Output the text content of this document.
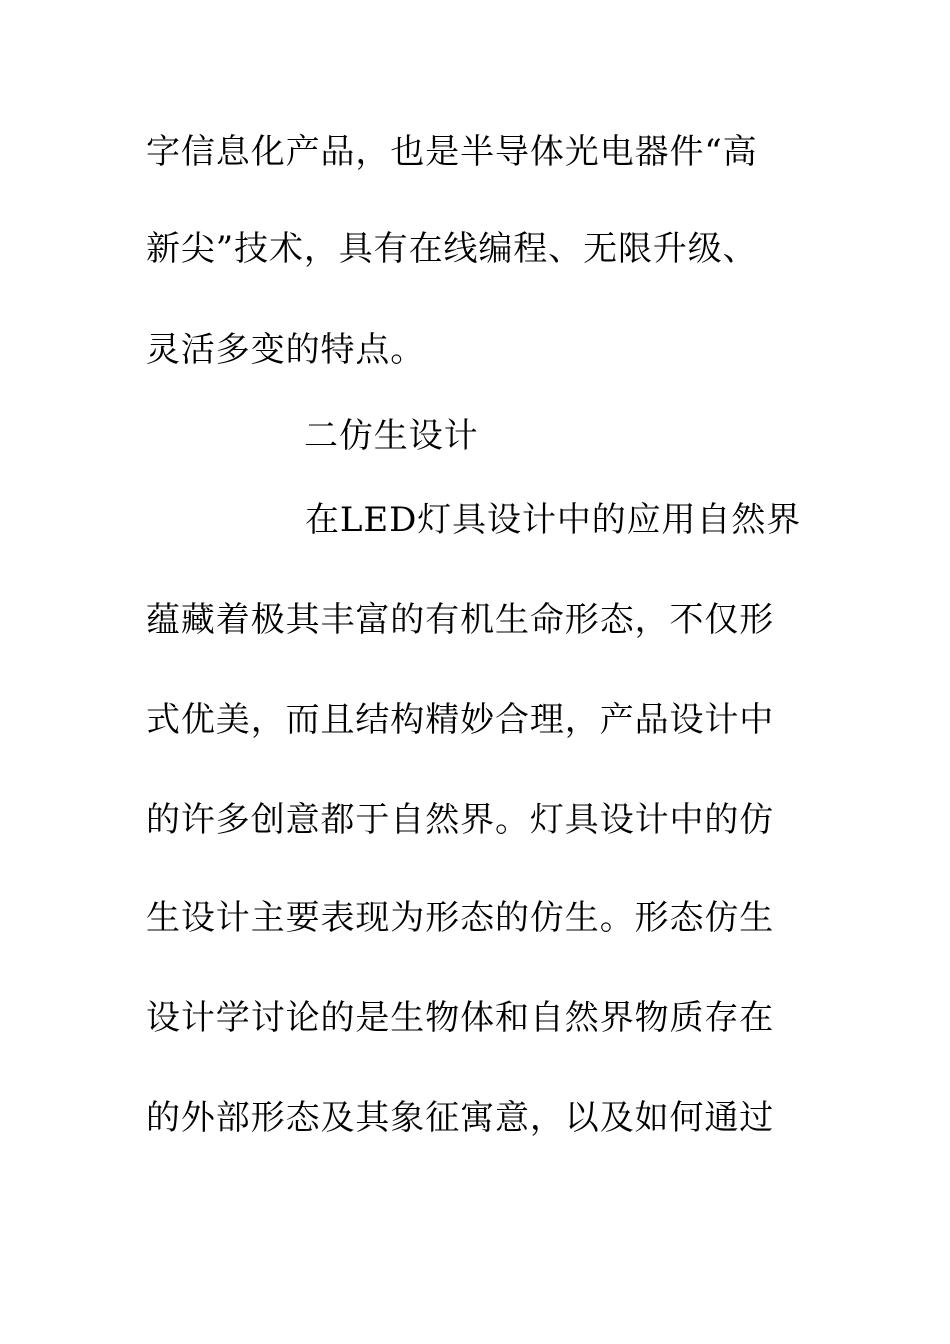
字信息化产品，也是半导体光电器件“高
新尖”技术，具有在线编程、无限升级、
灵活多变的特点。
二仿生设计
在LED灯具设计中的应用自然界
蕴藏着极其丰富的有机生命形态，不仅形
式优美，而且结构精妙合理，产品设计中
的许多创意都于自然界。灯具设计中的仿
生设计主要表现为形态的仿生。形态仿生
设计学讨论的是生物体和自然界物质存在
的外部形态及其象征寓意，以及如何通过
